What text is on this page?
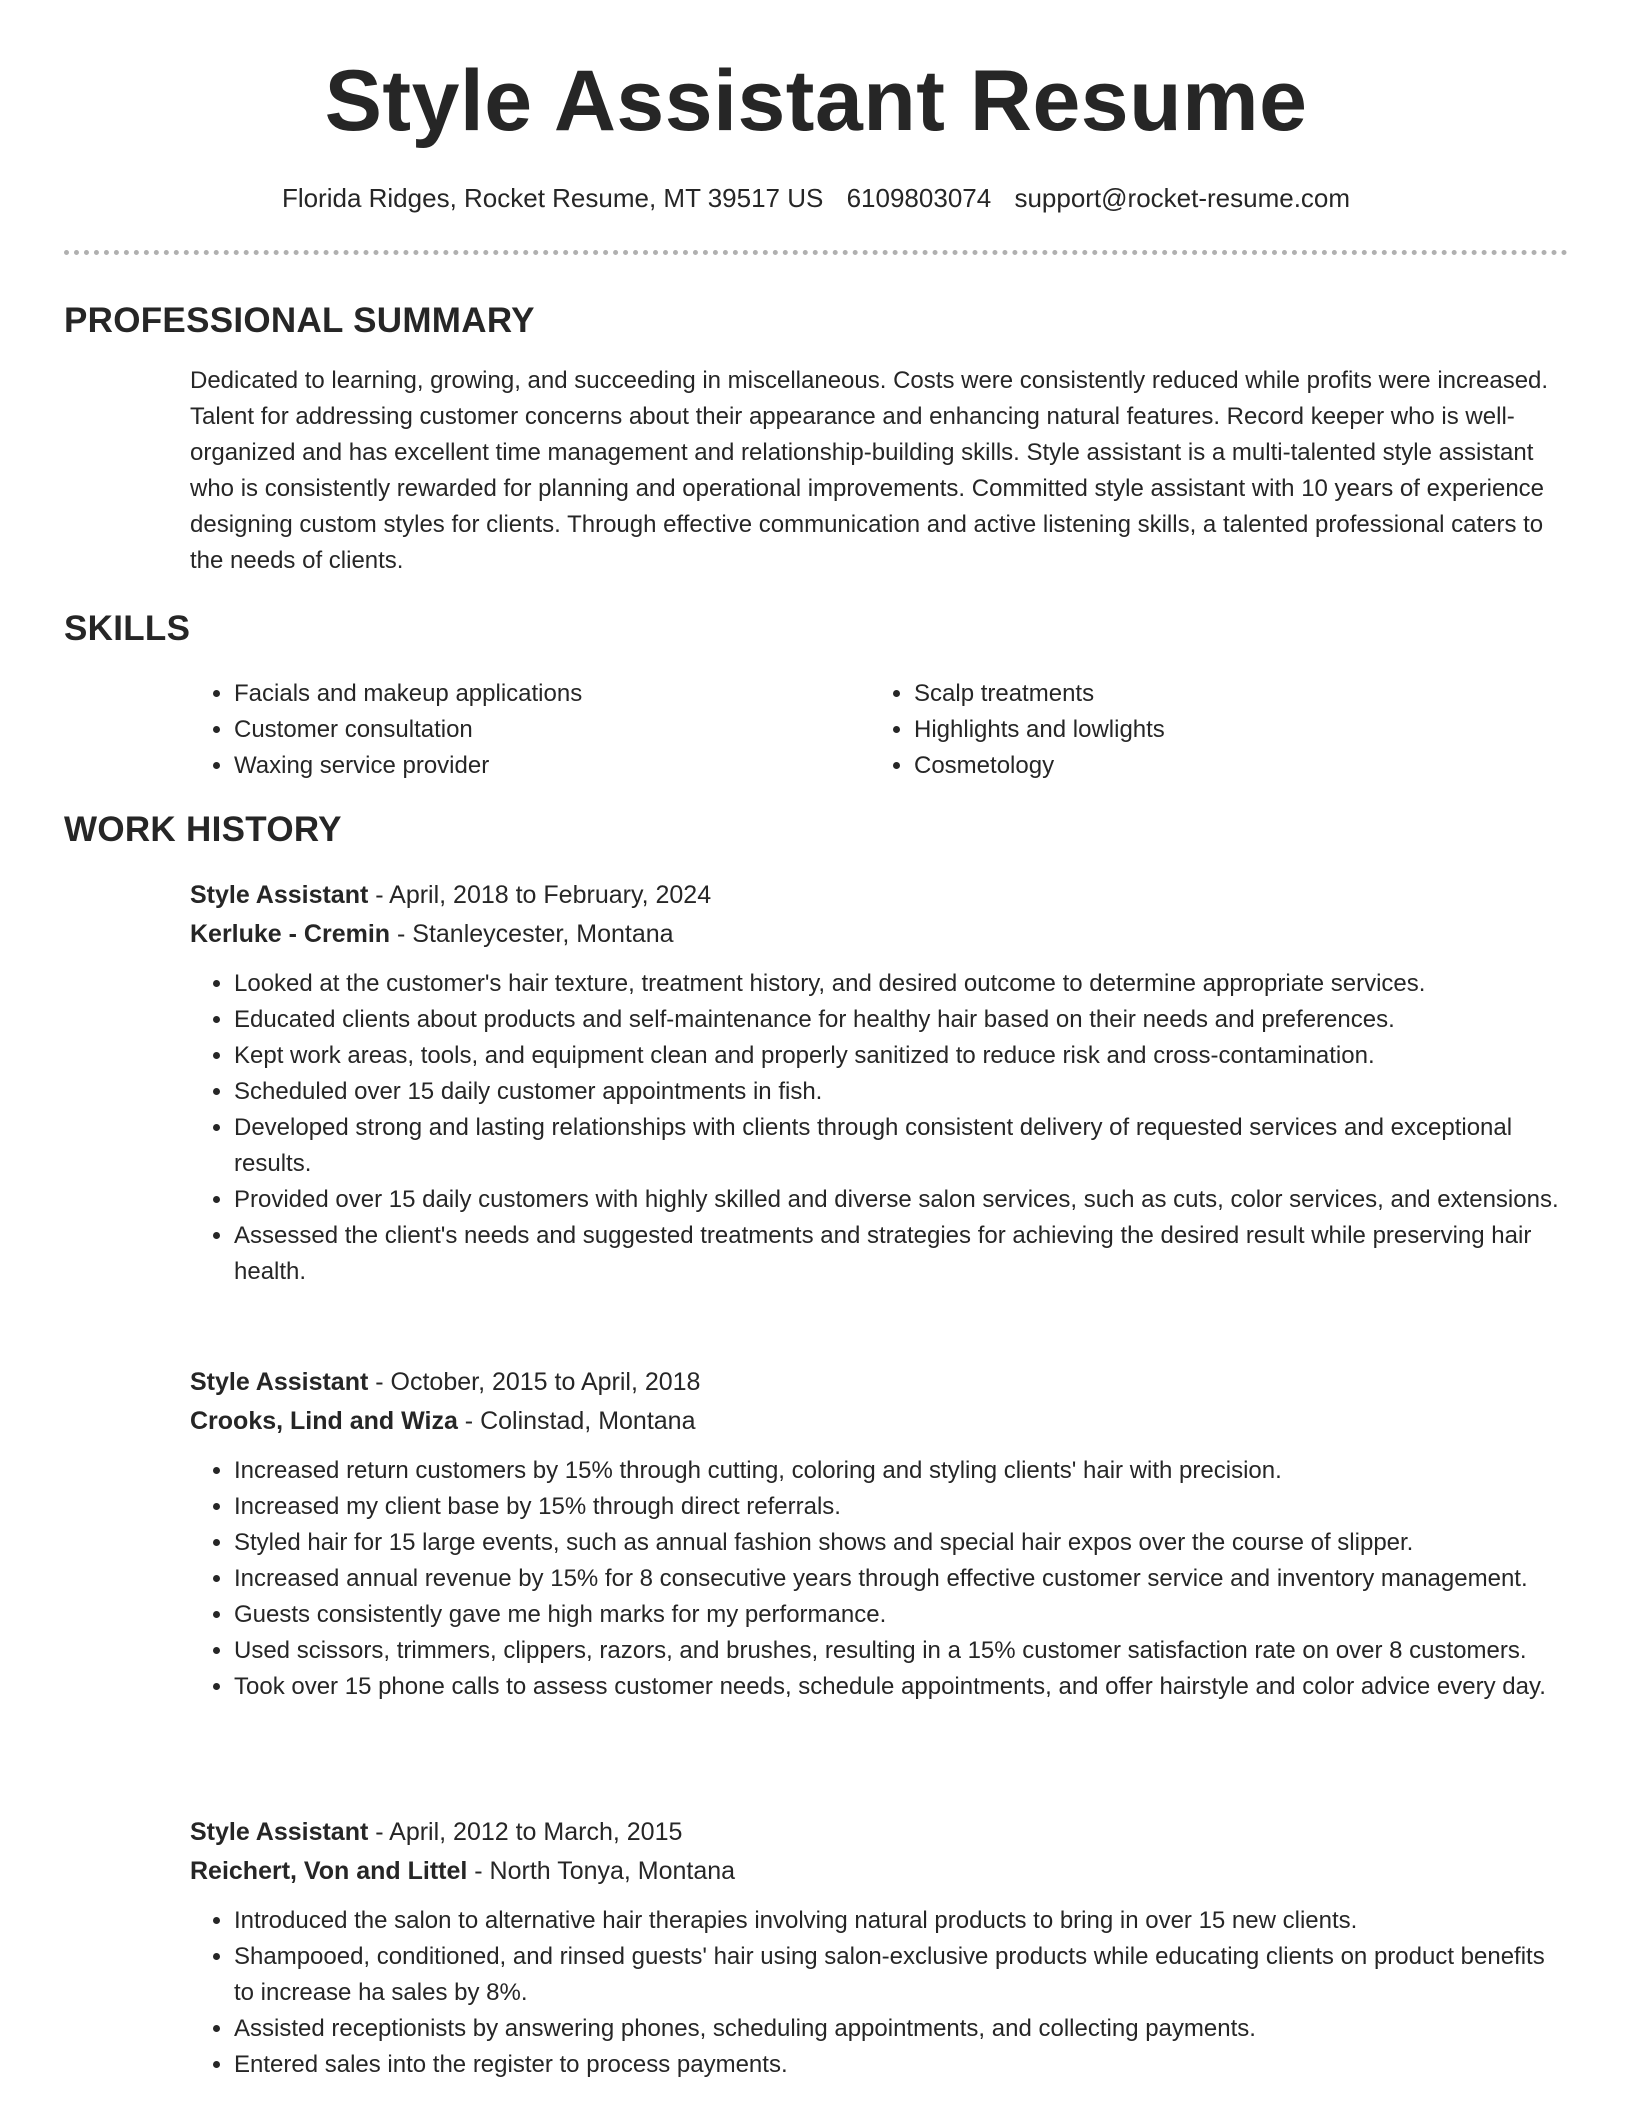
Style Assistant Resume
Florida Ridges, Rocket Resume, MT 39517 US 6109803074 support@rocket-resume.com
PROFESSIONAL SUMMARY

Dedicated to learning, growing, and succeeding in miscellaneous. Costs were consistently reduced while profits were increased. Talent for addressing customer concerns about their appearance and enhancing natural features. Record keeper who is well-organized and has excellent time management and relationship-building skills. Style assistant is a multi-talented style assistant who is consistently rewarded for planning and operational improvements. Committed style assistant with 10 years of experience designing custom styles for clients. Through effective communication and active listening skills, a talented professional caters to the needs of clients.

SKILLS
• Facials and makeup applications
• Customer consultation
• Waxing service provider
• Scalp treatments
• Highlights and lowlights
• Cosmetology
WORK HISTORY

Style Assistant - April, 2018 to February, 2024

Kerluke - Cremin - Stanleycester, Montana

• Looked at the customer's hair texture, treatment history, and desired outcome to determine appropriate services.
• Educated clients about products and self-maintenance for healthy hair based on their needs and preferences.
• Kept work areas, tools, and equipment clean and properly sanitized to reduce risk and cross-contamination.
• Scheduled over 15 daily customer appointments in fish.
• Developed strong and lasting relationships with clients through consistent delivery of requested services and exceptional results.
• Provided over 15 daily customers with highly skilled and diverse salon services, such as cuts, color services, and extensions.
• Assessed the client's needs and suggested treatments and strategies for achieving the desired result while preserving hair health.

Style Assistant - October, 2015 to April, 2018

Crooks, Lind and Wiza - Colinstad, Montana

• Increased return customers by 15% through cutting, coloring and styling clients' hair with precision.
• Increased my client base by 15% through direct referrals.
• Styled hair for 15 large events, such as annual fashion shows and special hair expos over the course of slipper.
• Increased annual revenue by 15% for 8 consecutive years through effective customer service and inventory management.
• Guests consistently gave me high marks for my performance.
• Used scissors, trimmers, clippers, razors, and brushes, resulting in a 15% customer satisfaction rate on over 8 customers.
• Took over 15 phone calls to assess customer needs, schedule appointments, and offer hairstyle and color advice every day.

Style Assistant - April, 2012 to March, 2015

Reichert, Von and Littel - North Tonya, Montana

• Introduced the salon to alternative hair therapies involving natural products to bring in over 15 new clients.
• Shampooed, conditioned, and rinsed guests' hair using salon-exclusive products while educating clients on product benefits to increase ha sales by 8%.
• Assisted receptionists by answering phones, scheduling appointments, and collecting payments.
• Entered sales into the register to process payments.
